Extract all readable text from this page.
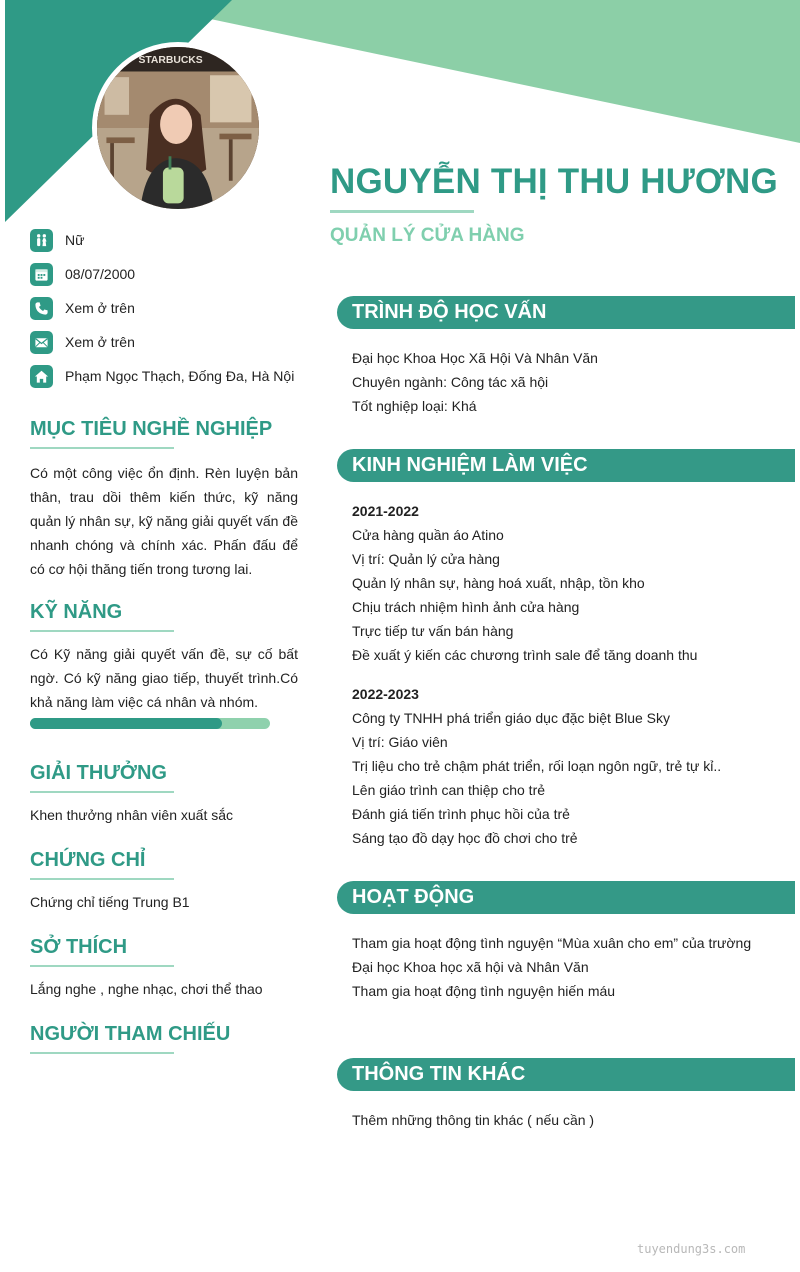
STARBUCKS
NGUYỄN THỊ THU HƯƠNG
QUẢN LÝ CỬA HÀNG
Nữ
08/07/2000
Xem ở trên
Xem ở trên
Phạm Ngọc Thạch, Đống Đa, Hà Nội
MỤC TIÊU NGHỀ NGHIỆP
Có một công việc ổn định. Rèn luyện bản thân, trau dồi thêm kiến thức, kỹ năng quản lý nhân sự, kỹ năng giải quyết vấn đề nhanh chóng và chính xác. Phấn đấu để có cơ hội thăng tiến trong tương lai.
KỸ NĂNG
Có Kỹ năng giải quyết vấn đề, sự cố bất ngờ. Có kỹ năng giao tiếp, thuyết trình.Có khả năng làm việc cá nhân và nhóm.
GIẢI THƯỞNG
Khen thưởng nhân viên xuất sắc
CHỨNG CHỈ
Chứng chỉ tiếng Trung B1
SỞ THÍCH
Lắng nghe , nghe nhạc, chơi thể thao
NGƯỜI THAM CHIẾU
TRÌNH ĐỘ HỌC VẤN

Đại học Khoa Học Xã Hội Và Nhân Văn

Chuyên ngành: Công tác xã hội

Tốt nghiệp loại: Khá

KINH NGHIỆM LÀM VIỆC

2021-2022

Cửa hàng quần áo Atino

Vị trí: Quản lý cửa hàng

Quản lý nhân sự, hàng hoá xuất, nhập, tồn kho

Chịu trách nhiệm hình ảnh cửa hàng

Trực tiếp tư vấn bán hàng

Đề xuất ý kiến các chương trình sale để tăng doanh thu

2022-2023

Công ty TNHH phá triển giáo dục đặc biệt Blue Sky

Vị trí: Giáo viên

Trị liệu cho trẻ chậm phát triển, rối loạn ngôn ngữ, trẻ tự kỉ..

Lên giáo trình can thiệp cho trẻ

Đánh giá tiến trình phục hồi của trẻ

Sáng tạo đồ dạy học đồ chơi cho trẻ

HOẠT ĐỘNG

Tham gia hoạt động tình nguyện “Mùa xuân cho em” của trường

Đại học Khoa học xã hội và Nhân Văn

Tham gia hoạt động tình nguyện hiến máu

THÔNG TIN KHÁC

Thêm những thông tin khác ( nếu cần )

tuyendung3s.com
